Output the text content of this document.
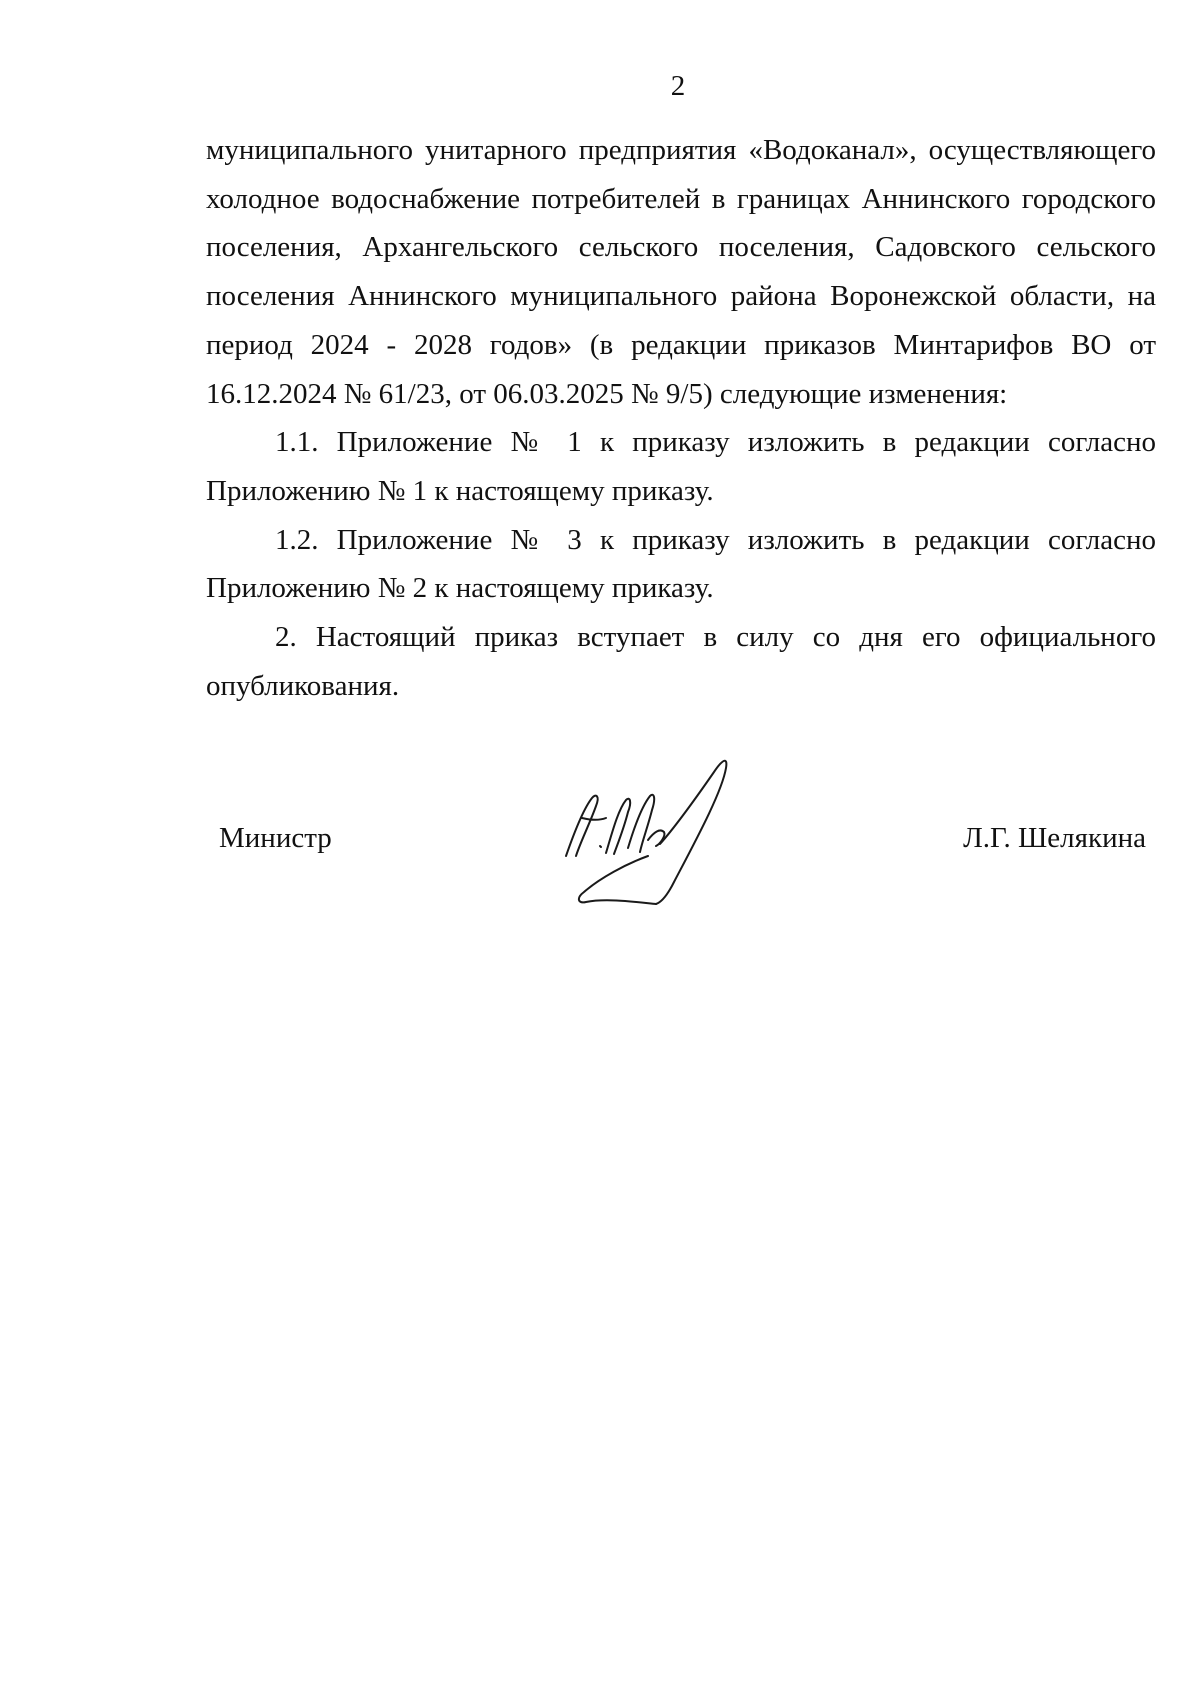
2

муниципального унитарного предприятия «Водоканал», осуществляющего холодное водоснабжение потребителей в границах Аннинского городского поселения, Архангельского сельского поселения, Садовского сельского поселения Аннинского муниципального района Воронежской области, на период 2024 - 2028 годов» (в редакции приказов Минтарифов ВО от 16.12.2024 № 61/23, от 06.03.2025 № 9/5) следующие изменения:

1.1. Приложение № 1 к приказу изложить в редакции согласно Приложению № 1 к настоящему приказу.

1.2. Приложение № 3 к приказу изложить в редакции согласно Приложению № 2 к настоящему приказу.

2. Настоящий приказ вступает в силу со дня его официального опубликования.

Министр	Л.Г. Шелякина
